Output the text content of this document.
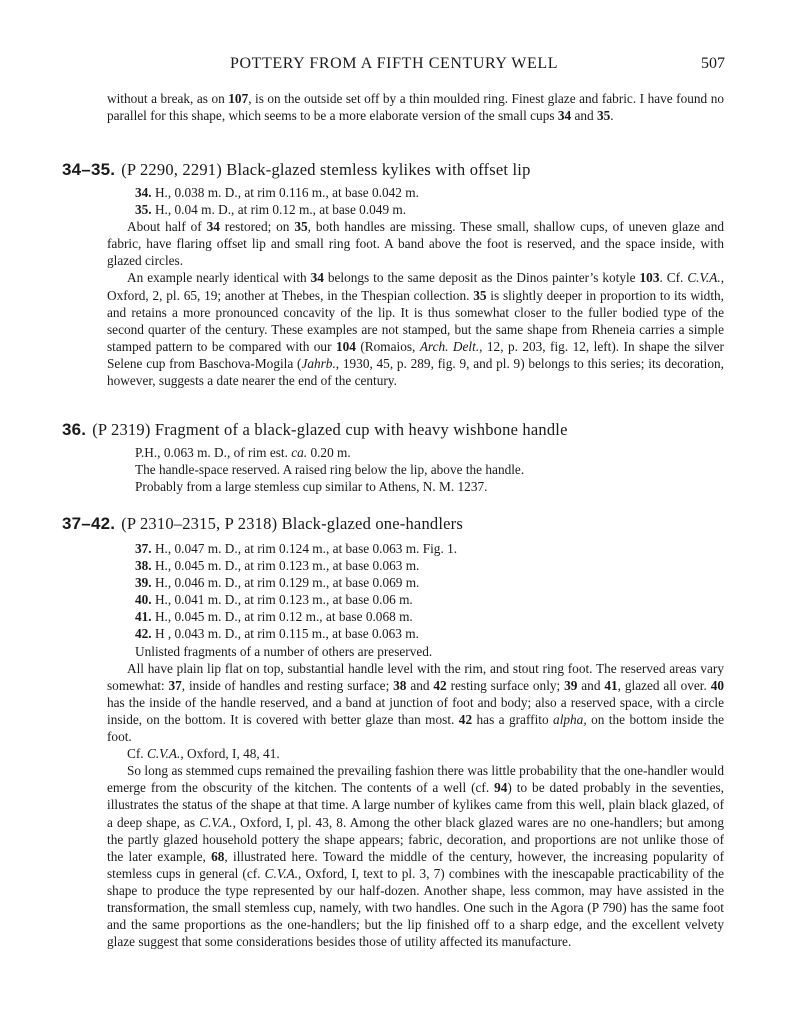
POTTERY FROM A FIFTH CENTURY WELL	507
without a break, as on 107, is on the outside set off by a thin moulded ring. Finest glaze and fabric. I have found no parallel for this shape, which seems to be a more elaborate version of the small cups 34 and 35.
34–35. (P 2290, 2291) Black-glazed stemless kylikes with offset lip

34. H., 0.038 m. D., at rim 0.116 m., at base 0.042 m.

35. H., 0.04 m. D., at rim 0.12 m., at base 0.049 m.

About half of 34 restored; on 35, both handles are missing. These small, shallow cups, of uneven glaze and fabric, have flaring offset lip and small ring foot. A band above the foot is reserved, and the space inside, with glazed circles.

An example nearly identical with 34 belongs to the same deposit as the Dinos painter’s kotyle 103. Cf. C.V.A., Oxford, 2, pl. 65, 19; another at Thebes, in the Thespian collection. 35 is slightly deeper in proportion to its width, and retains a more pronounced concavity of the lip. It is thus somewhat closer to the fuller bodied type of the second quarter of the century. These examples are not stamped, but the same shape from Rheneia carries a simple stamped pattern to be compared with our 104 (Romaios, Arch. Delt., 12, p. 203, fig. 12, left). In shape the silver Selene cup from Baschova-Mogila (Jahrb., 1930, 45, p. 289, fig. 9, and pl. 9) belongs to this series; its decoration, however, suggests a date nearer the end of the century.

36. (P 2319) Fragment of a black-glazed cup with heavy wishbone handle

P.H., 0.063 m. D., of rim est. ca. 0.20 m.

The handle-space reserved. A raised ring below the lip, above the handle.

Probably from a large stemless cup similar to Athens, N. M. 1237.

37–42. (P 2310–2315, P 2318) Black-glazed one-handlers

37. H., 0.047 m. D., at rim 0.124 m., at base 0.063 m. Fig. 1.

38. H., 0.045 m. D., at rim 0.123 m., at base 0.063 m.

39. H., 0.046 m. D., at rim 0.129 m., at base 0.069 m.

40. H., 0.041 m. D., at rim 0.123 m., at base 0.06 m.

41. H., 0.045 m. D., at rim 0.12 m., at base 0.068 m.

42. H , 0.043 m. D., at rim 0.115 m., at base 0.063 m.

Unlisted fragments of a number of others are preserved.

All have plain lip flat on top, substantial handle level with the rim, and stout ring foot. The reserved areas vary somewhat: 37, inside of handles and resting surface; 38 and 42 resting surface only; 39 and 41, glazed all over. 40 has the inside of the handle reserved, and a band at junction of foot and body; also a reserved space, with a circle inside, on the bottom. It is covered with better glaze than most. 42 has a graffito alpha, on the bottom inside the foot.

Cf. C.V.A., Oxford, I, 48, 41.

So long as stemmed cups remained the prevailing fashion there was little probability that the one-handler would emerge from the obscurity of the kitchen. The contents of a well (cf. 94) to be dated probably in the seventies, illustrates the status of the shape at that time. A large number of kylikes came from this well, plain black glazed, of a deep shape, as C.V.A., Oxford, I, pl. 43, 8. Among the other black glazed wares are no one-handlers; but among the partly glazed household pottery the shape appears; fabric, decoration, and proportions are not unlike those of the later example, 68, illustrated here. Toward the middle of the century, however, the increasing popularity of stemless cups in general (cf. C.V.A., Oxford, I, text to pl. 3, 7) combines with the inescapable practicability of the shape to produce the type represented by our half-dozen. Another shape, less common, may have assisted in the transformation, the small stemless cup, namely, with two handles. One such in the Agora (P 790) has the same foot and the same proportions as the one-handlers; but the lip finished off to a sharp edge, and the excellent velvety glaze suggest that some considerations besides those of utility affected its manufacture.
